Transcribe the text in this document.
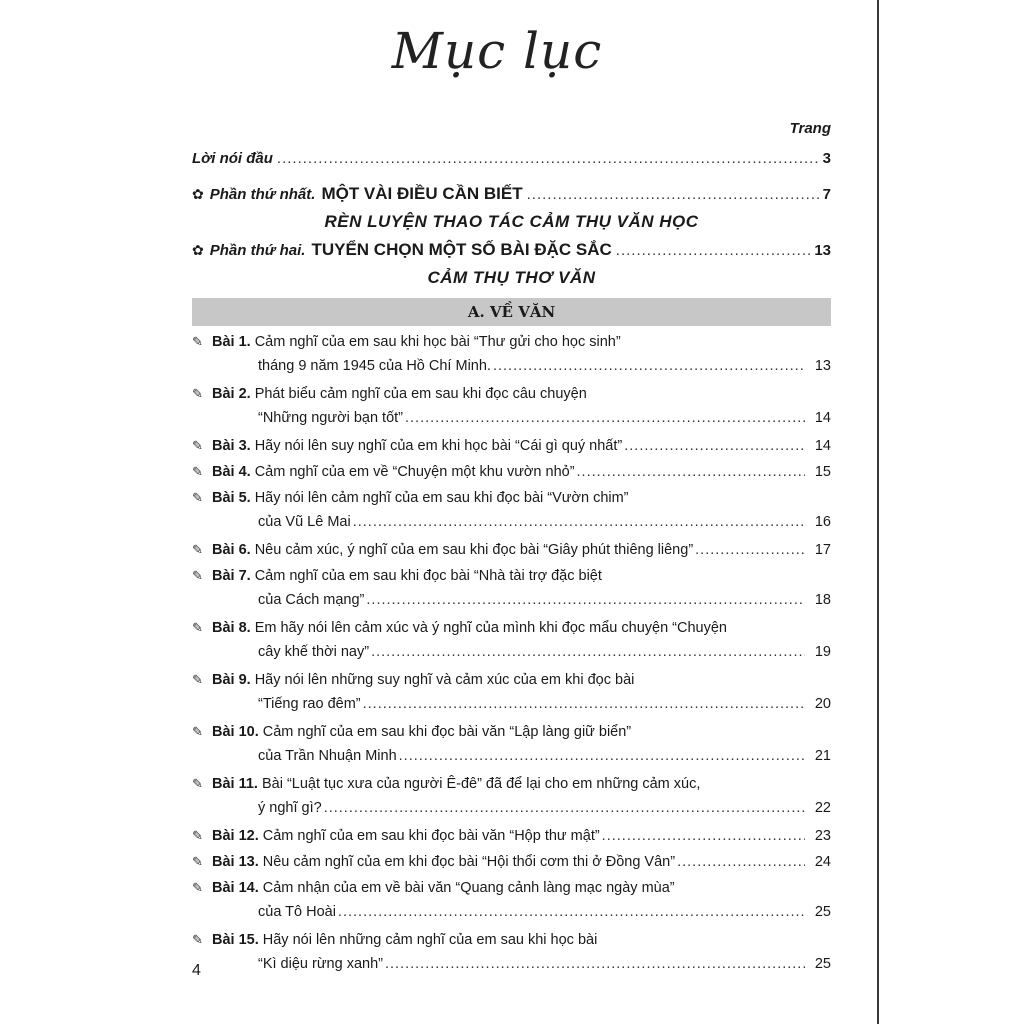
Mục lục
Trang
Lời nói đầu .....	3
✿ Phần thứ nhất. MỘT VÀI ĐIỀU CẦN BIẾT .....	7
RÈN LUYỆN THAO TÁC CẢM THỤ VĂN HỌC
✿ Phần thứ hai. TUYỂN CHỌN MỘT SỐ BÀI ĐẶC SẮC .....	13
CẢM THỤ THƠ VĂN
A. VỀ VĂN
✎ Bài 1. Cảm nghĩ của em sau khi học bài “Thư gửi cho học sinh”
tháng 9 năm 1945 của Hồ Chí Minh. .....	13
✎ Bài 2. Phát biểu cảm nghĩ của em sau khi đọc câu chuyện
“Những người bạn tốt” .....	14
✎ Bài 3. Hãy nói lên suy nghĩ của em khi học bài “Cái gì quý nhất” .....	14
✎ Bài 4. Cảm nghĩ của em về “Chuyện một khu vườn nhỏ” .....	15
✎ Bài 5. Hãy nói lên cảm nghĩ của em sau khi đọc bài “Vườn chim”
của Vũ Lê Mai .....	16
✎ Bài 6. Nêu cảm xúc, ý nghĩ của em sau khi đọc bài “Giây phút thiêng liêng” .....	17
✎ Bài 7. Cảm nghĩ của em sau khi đọc bài “Nhà tài trợ đặc biệt
của Cách mạng” .....	18
✎ Bài 8. Em hãy nói lên cảm xúc và ý nghĩ của mình khi đọc mẩu chuyện “Chuyện
cây khế thời nay” .....	19
✎ Bài 9. Hãy nói lên những suy nghĩ và cảm xúc của em khi đọc bài
“Tiếng rao đêm” .....	20
✎ Bài 10. Cảm nghĩ của em sau khi đọc bài văn “Lập làng giữ biển”
của Trần Nhuận Minh .....	21
✎ Bài 11. Bài “Luật tục xưa của người Ê-đê” đã để lại cho em những cảm xúc,
ý nghĩ gì? .....	22
✎ Bài 12. Cảm nghĩ của em sau khi đọc bài văn “Hộp thư mật” .....	23
✎ Bài 13. Nêu cảm nghĩ của em khi đọc bài “Hội thổi cơm thi ở Đồng Vân” .....	24
✎ Bài 14. Cảm nhận của em về bài văn “Quang cảnh làng mạc ngày mùa”
của Tô Hoài .....	25
✎ Bài 15. Hãy nói lên những cảm nghĩ của em sau khi học bài
“Kì diệu rừng xanh” .....	25
4
